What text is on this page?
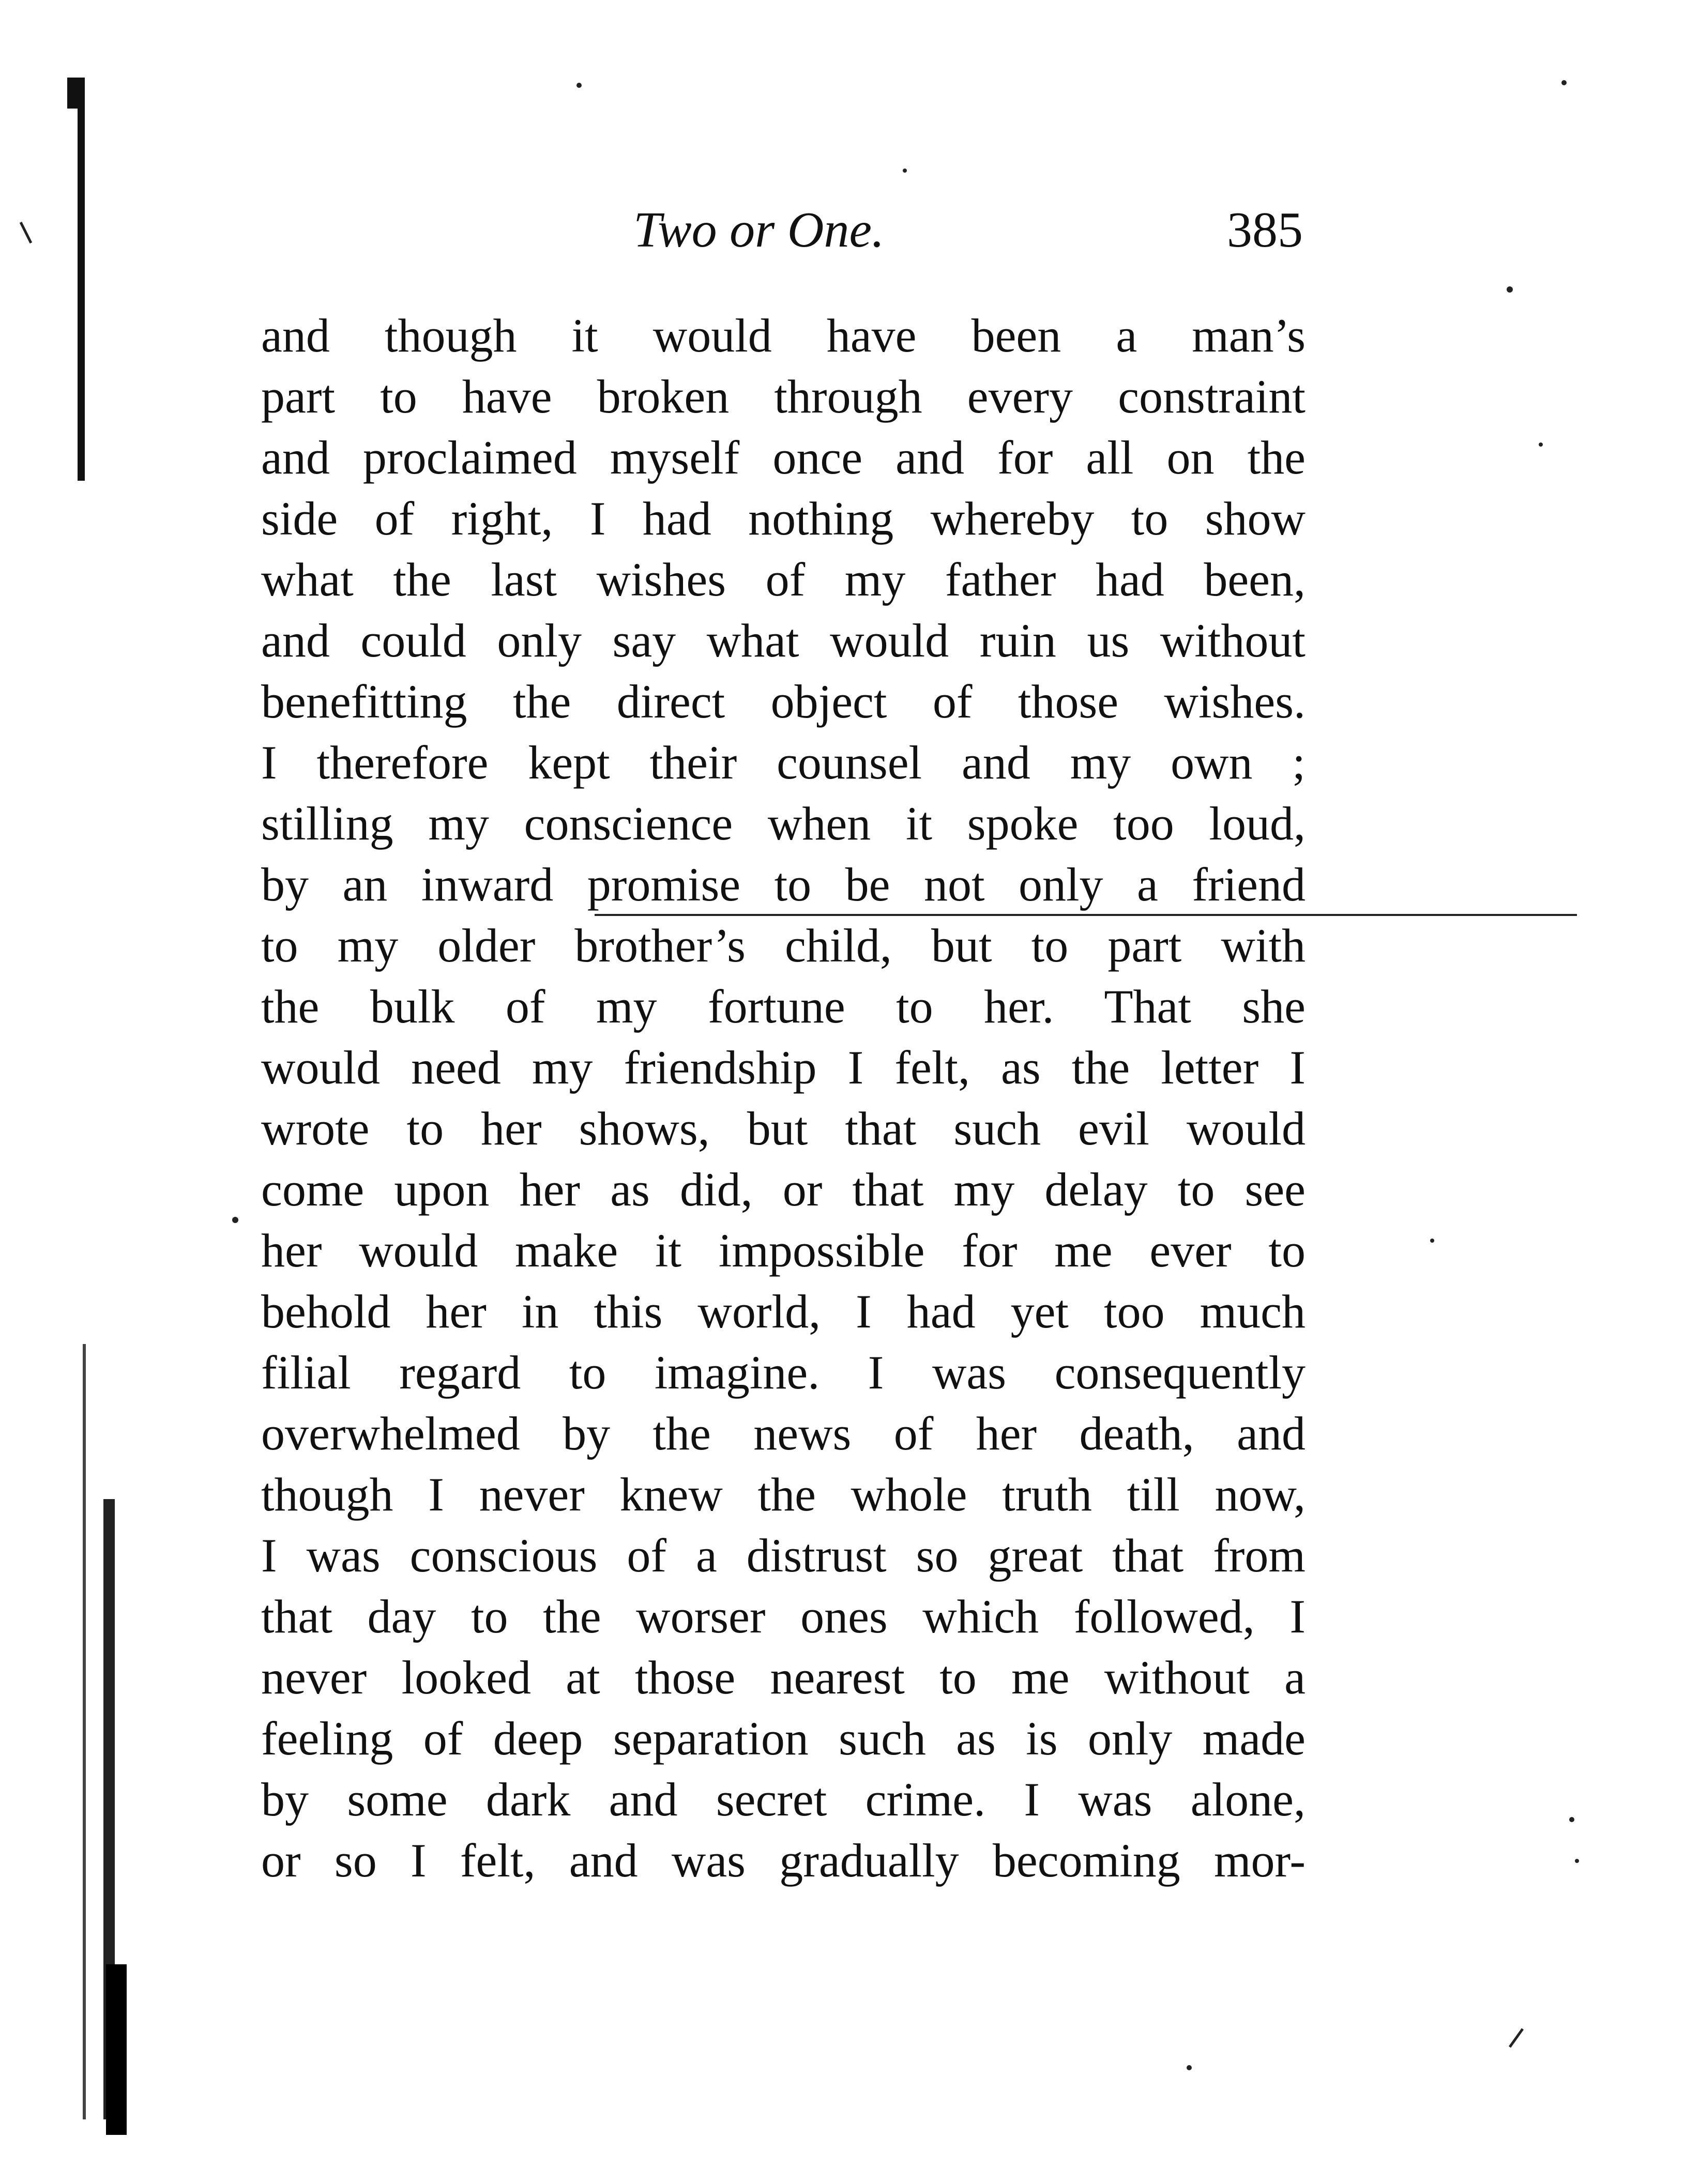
Two or One.	385
and though it would have been a man’s
part to have broken through every constraint
and proclaimed myself once and for all on the
side of right, I had nothing whereby to show
what the last wishes of my father had been,
and could only say what would ruin us without
benefitting the direct object of those wishes.
I therefore kept their counsel and my own ;
stilling my conscience when it spoke too loud,
by an inward promise to be not only a friend
to my older brother’s child, but to part with
the bulk of my fortune to her. That she
would need my friendship I felt, as the letter I
wrote to her shows, but that such evil would
come upon her as did, or that my delay to see
her would make it impossible for me ever to
behold her in this world, I had yet too much
filial regard to imagine. I was consequently
overwhelmed by the news of her death, and
though I never knew the whole truth till now,
I was conscious of a distrust so great that from
that day to the worser ones which followed, I
never looked at those nearest to me without a
feeling of deep separation such as is only made
by some dark and secret crime. I was alone,
or so I felt, and was gradually becoming mor-
